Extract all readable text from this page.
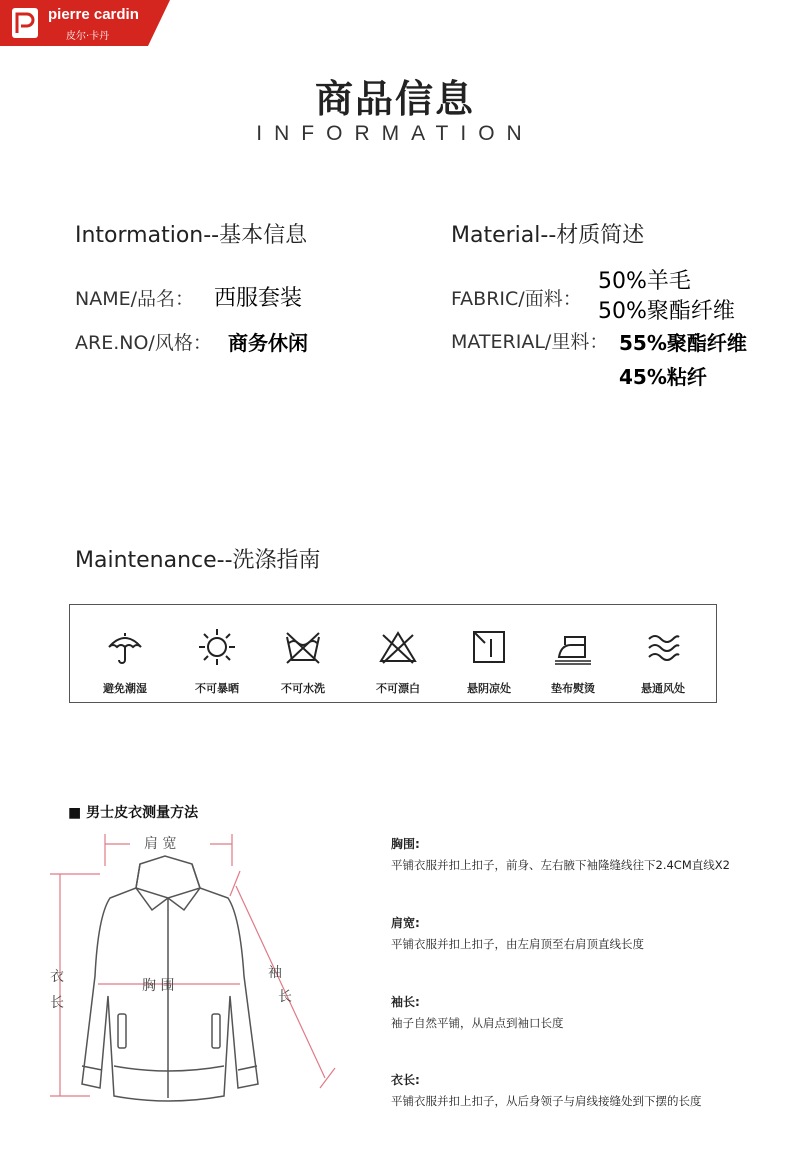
pierre cardin
皮尔·卡丹
商品信息
INFORMATION
Intormation--基本信息
NAME/品名： 西服套装
ARE.NO/风格： 商务休闲
Material--材质简述
FABRIC/面料：
50%羊毛
50%聚酯纤维
MATERIAL/里料： 55%聚酯纤维
45%粘纤
Maintenance--洗涤指南
避免潮湿	不可暴晒	不可水洗	不可漂白	悬阴凉处	垫布熨烫	悬通风处
■ 男士皮衣测量方法
肩 宽
胸 围
袖
长
衣
长
胸围:
平铺衣服并扣上扣子，前身、左右腋下袖隆缝线往下2.4CM直线X2
肩宽:
平铺衣服并扣上扣子，由左肩顶至右肩顶直线长度
袖长:
袖子自然平铺，从肩点到袖口长度
衣长:
平铺衣服并扣上扣子，从后身领子与肩线接缝处到下摆的长度
